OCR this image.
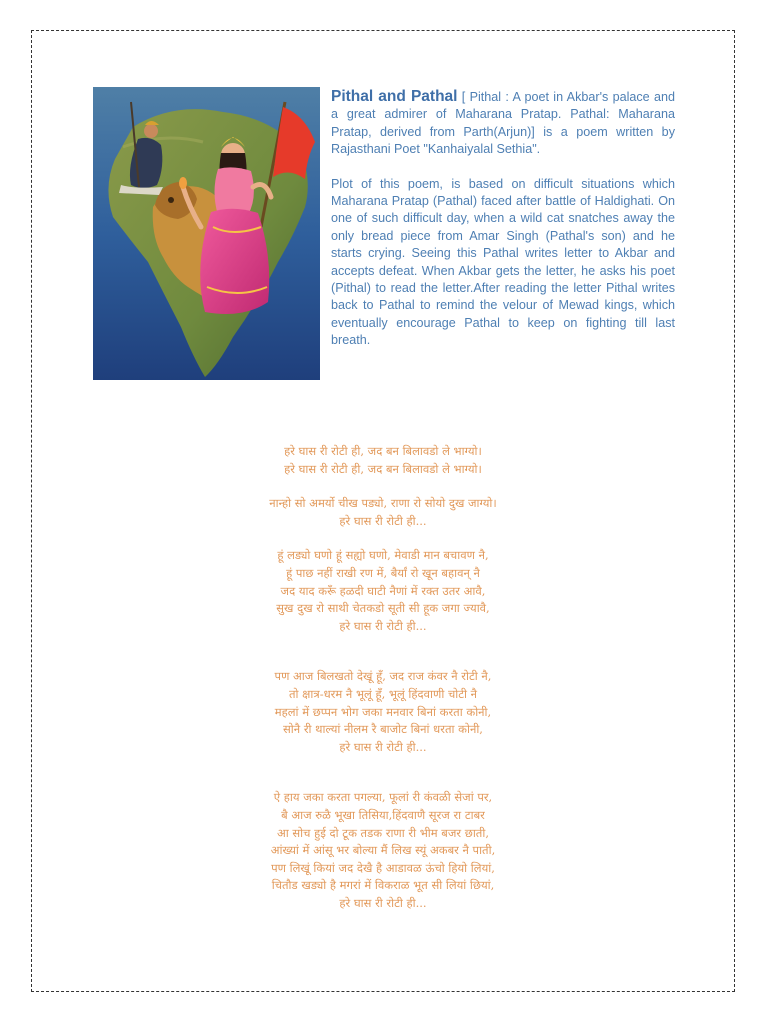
Pithal and Pathal [ Pithal : A poet in Akbar's palace and a great admirer of Maharana Pratap. Pathal: Maharana Pratap, derived from Parth(Arjun)] is a poem written by Rajasthani Poet "Kanhaiyalal Sethia".

Plot of this poem, is based on difficult situations which Maharana Pratap (Pathal) faced after battle of Haldighati. On one of such difficult day, when a wild cat snatches away the only bread piece from Amar Singh (Pathal's son) and he starts crying. Seeing this Pathal writes letter to Akbar and accepts defeat. When Akbar gets the letter, he asks his poet (Pithal) to read the letter.After reading the letter Pithal writes back to Pathal to remind the velour of Mewad kings, which eventually encourage Pathal to keep on fighting till last breath.

हरे घास री रोटी ही, जद बन बिलावडो ले भाग्यो।
हरे घास री रोटी ही, जद बन बिलावडो ले भाग्यो।
नान्हो सो अमर्यो चीख पड्यो, राणा रो सोयो दुख जाग्यो।
हरे घास री रोटी ही...
हूं लड्यो घणो हूं सह्यो घणो, मेवाडी मान बचावण नै,
हूं पाछ नहीं राखी रण में, बैर्यां रो खून बहावन् नै
जद याद करूँ हळदी घाटी नैणां में रक्त उतर आवै,
सुख दुख रो साथी चेतकडो सूती सी हूक जगा ज्यावै,
हरे घास री रोटी ही...
पण आज बिलखतो देखूं हूँ, जद राज कंवर नै रोटी नै,
तो क्षात्र-धरम नै भूलूं हूँ, भूलूं हिंदवाणी चोटी नै
महलां में छप्पन भोग जका मनवार बिनां करता कोनी,
सोनै री थाल्यां नीलम रै बाजोट बिनां धरता कोनी,
हरे घास री रोटी ही...
ऐ हाय जका करता पगल्या, फूलां री कंवळी सेजां पर,
बै आज रुळै भूखा तिसिया,हिंदवाणै सूरज रा टाबर
आ सोच हुई दो टूक तडक राणा री भीम बजर छाती,
आंख्यां में आंसू भर बोल्या मैं लिख स्यूं अकबर नै पाती,
पण लिखूं कियां जद देखै है आडावळ ऊंचो हियो लियां,
चितौड खड्यो है मगरां में विकराळ भूत सी लियां छियां,
हरे घास री रोटी ही...
